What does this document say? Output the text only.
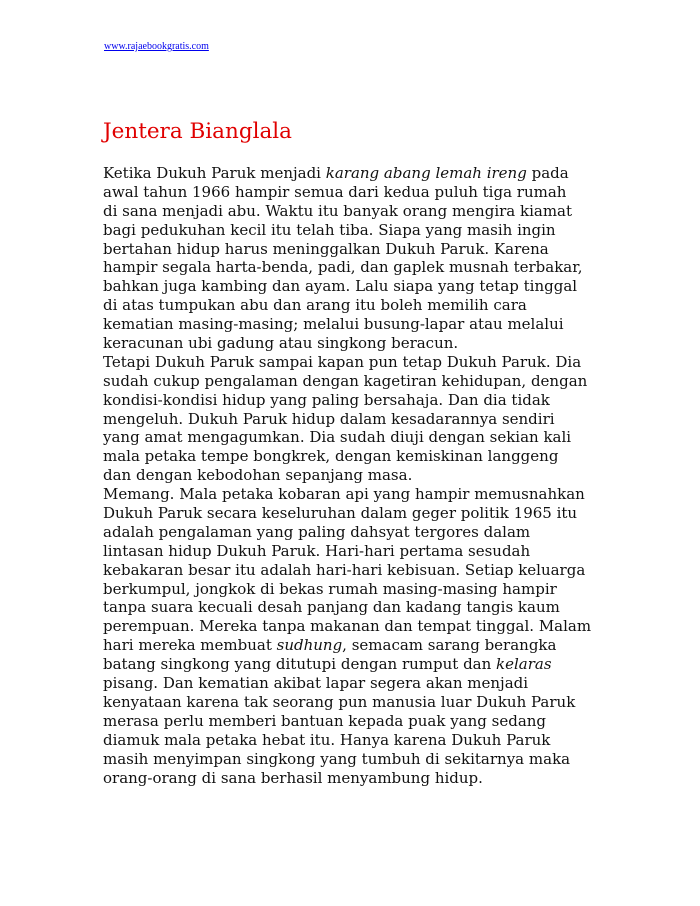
www.rajaebookgratis.com
Jentera Bianglala
Ketika Dukuh Paruk menjadi karang abang lemah ireng pada
awal tahun 1966 hampir semua dari kedua puluh tiga rumah
di sana menjadi abu. Waktu itu banyak orang mengira kiamat
bagi pedukuhan kecil itu telah tiba. Siapa yang masih ingin
bertahan hidup harus meninggalkan Dukuh Paruk. Karena
hampir segala harta-benda, padi, dan gaplek musnah terbakar,
bahkan juga kambing dan ayam. Lalu siapa yang tetap tinggal
di atas tumpukan abu dan arang itu boleh memilih cara
kematian masing-masing; melalui busung-lapar atau melalui
keracunan ubi gadung atau singkong beracun.
Tetapi Dukuh Paruk sampai kapan pun tetap Dukuh Paruk. Dia
sudah cukup pengalaman dengan kagetiran kehidupan, dengan
kondisi-kondisi hidup yang paling bersahaja. Dan dia tidak
mengeluh. Dukuh Paruk hidup dalam kesadarannya sendiri
yang amat mengagumkan. Dia sudah diuji dengan sekian kali
mala petaka tempe bongkrek, dengan kemiskinan langgeng
dan dengan kebodohan sepanjang masa.
Memang. Mala petaka kobaran api yang hampir memusnahkan
Dukuh Paruk secara keseluruhan dalam geger politik 1965 itu
adalah pengalaman yang paling dahsyat tergores dalam
lintasan hidup Dukuh Paruk. Hari-hari pertama sesudah
kebakaran besar itu adalah hari-hari kebisuan. Setiap keluarga
berkumpul, jongkok di bekas rumah masing-masing hampir
tanpa suara kecuali desah panjang dan kadang tangis kaum
perempuan. Mereka tanpa makanan dan tempat tinggal. Malam
hari mereka membuat sudhung, semacam sarang berangka
batang singkong yang ditutupi dengan rumput dan kelaras
pisang. Dan kematian akibat lapar segera akan menjadi
kenyataan karena tak seorang pun manusia luar Dukuh Paruk
merasa perlu memberi bantuan kepada puak yang sedang
diamuk mala petaka hebat itu. Hanya karena Dukuh Paruk
masih menyimpan singkong yang tumbuh di sekitarnya maka
orang-orang di sana berhasil menyambung hidup.
